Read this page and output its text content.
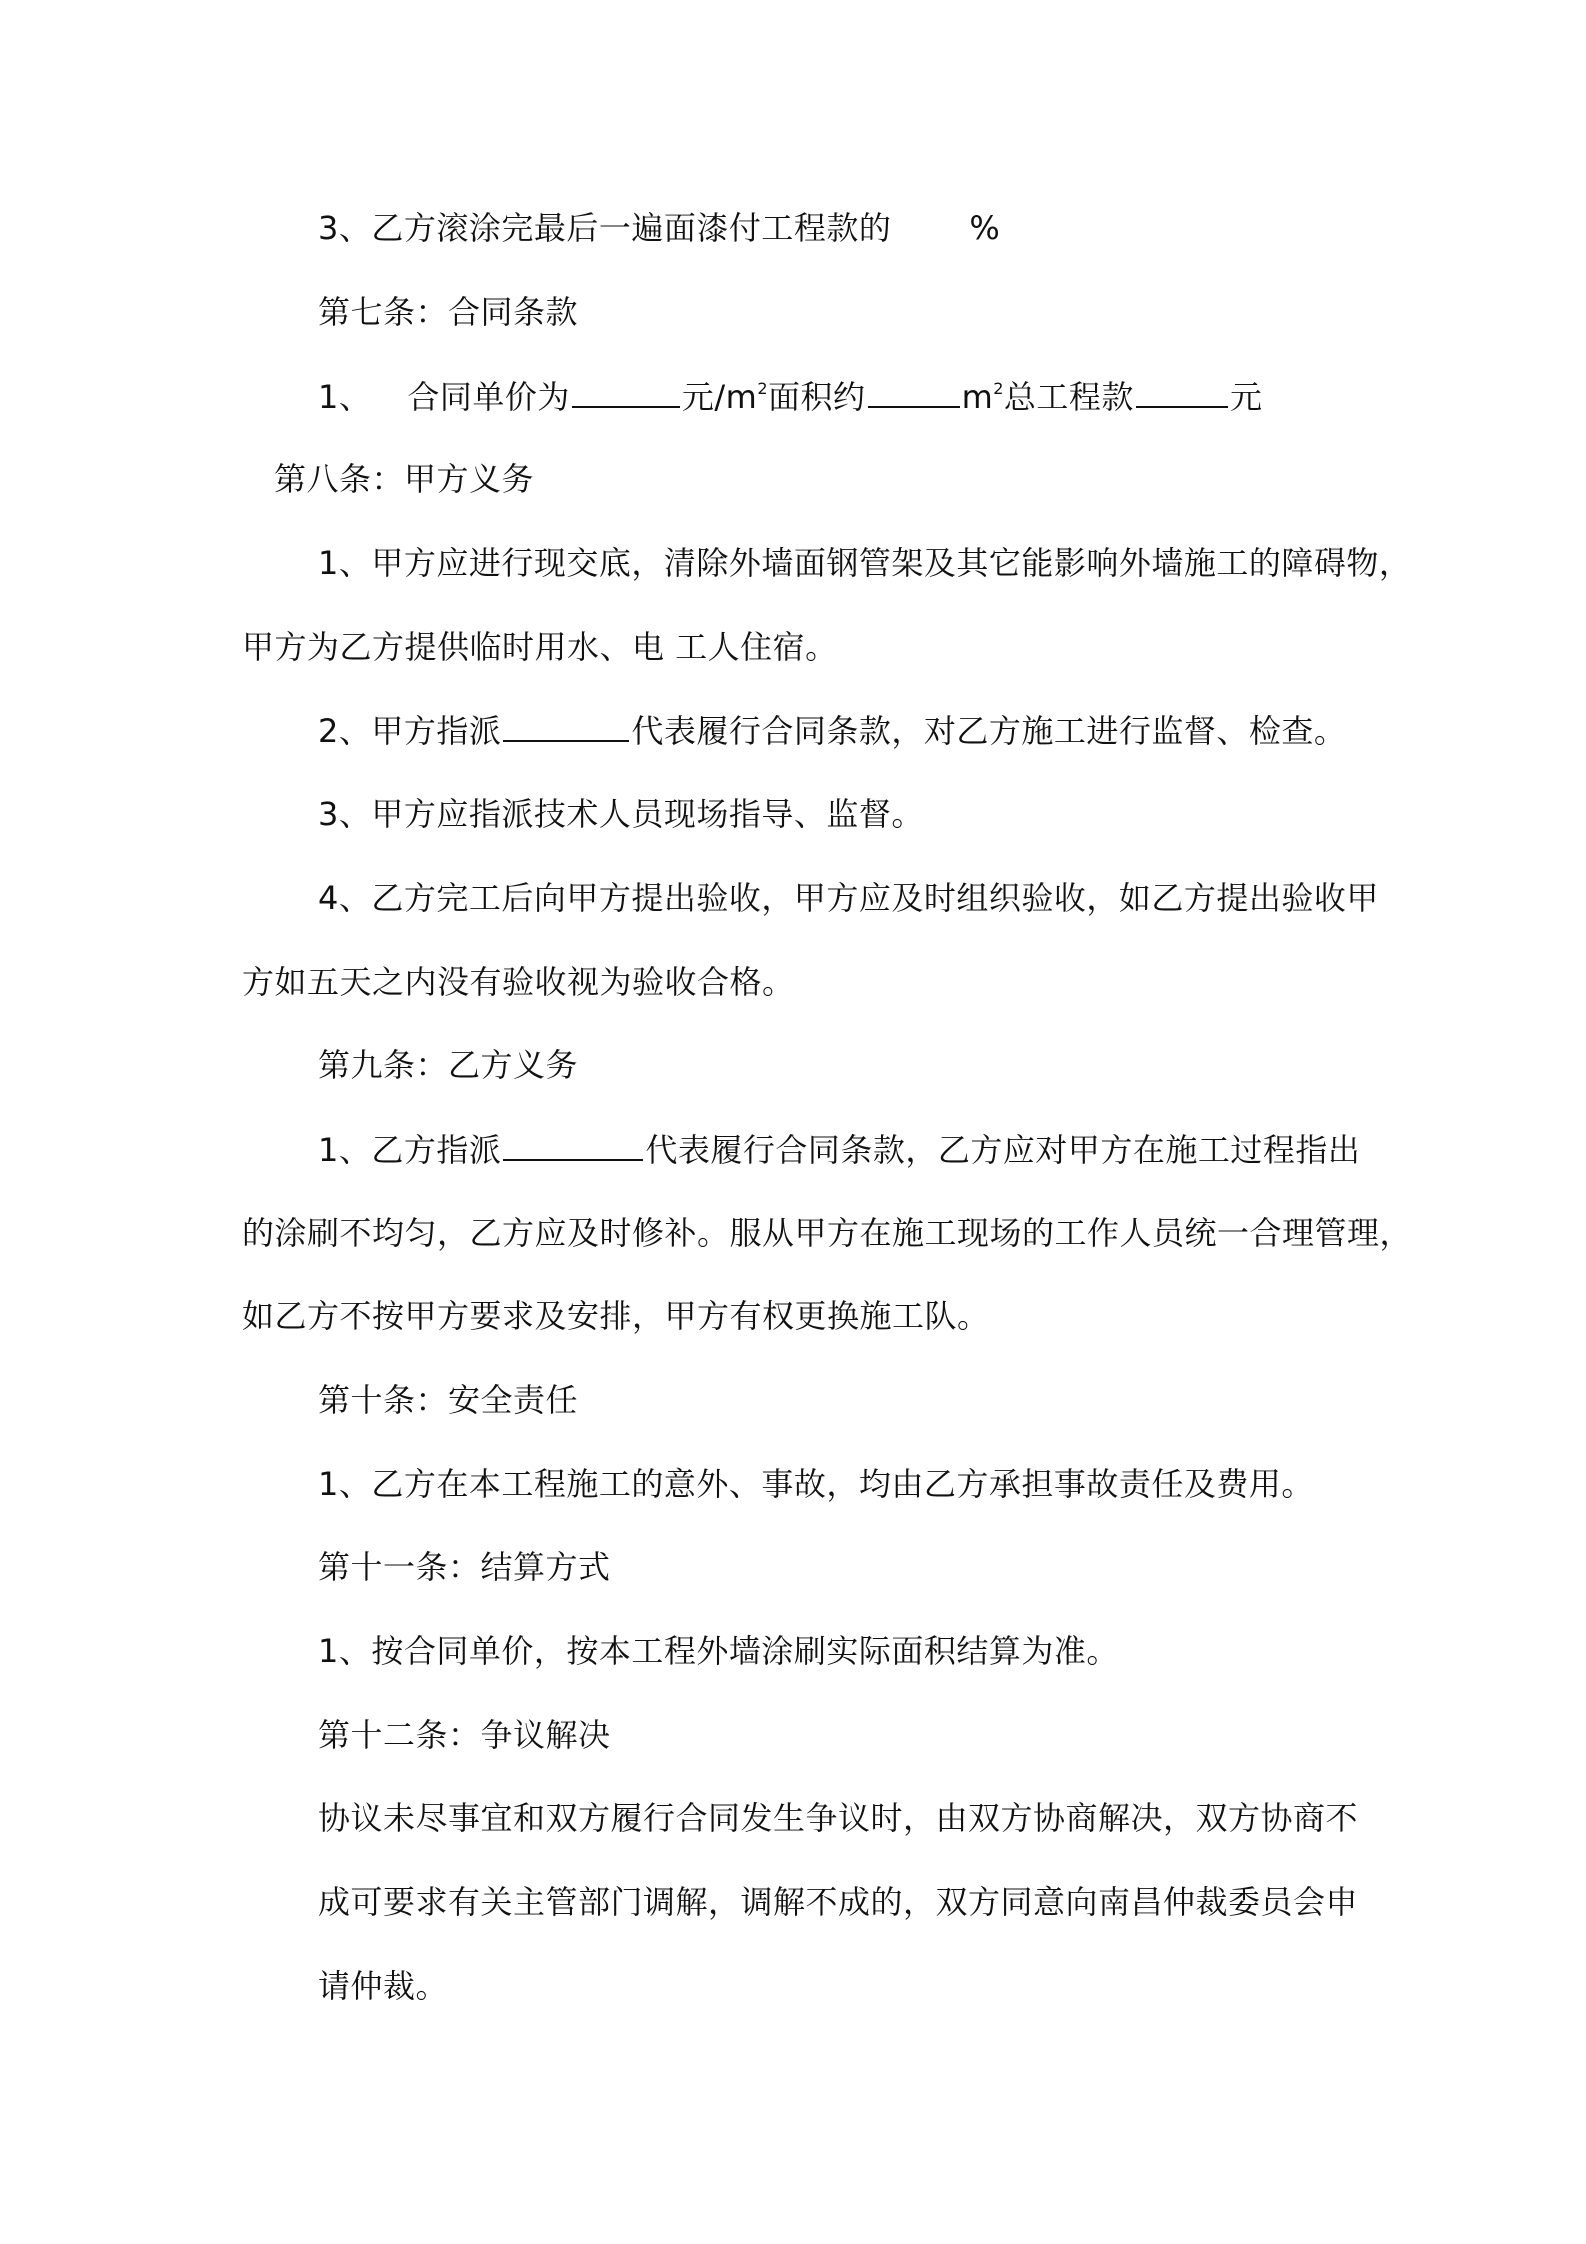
3、乙方滚涂完最后一遍面漆付工程款的 %
第七条：合同条款
1、 合同单价为	元$/m^2$面积约	$m^2$总工程款	元
第八条：甲方义务
1、甲方应进行现交底，清除外墙面钢管架及其它能影响外墙施工的障碍物，
甲方为乙方提供临时用水、电 工人住宿。
2、甲方指派	代表履行合同条款，对乙方施工进行监督、检查。
3、甲方应指派技术人员现场指导、监督。
4、乙方完工后向甲方提出验收，甲方应及时组织验收，如乙方提出验收甲
方如五天之内没有验收视为验收合格。
第九条：乙方义务
1、乙方指派	代表履行合同条款，乙方应对甲方在施工过程指出
的涂刷不均匀，乙方应及时修补。服从甲方在施工现场的工作人员统一合理管理，
如乙方不按甲方要求及安排，甲方有权更换施工队。
第十条：安全责任
1、乙方在本工程施工的意外、事故，均由乙方承担事故责任及费用。
第十一条：结算方式
1、按合同单价，按本工程外墙涂刷实际面积结算为准。
第十二条：争议解决
协议未尽事宜和双方履行合同发生争议时，由双方协商解决，双方协商不
成可要求有关主管部门调解，调解不成的，双方同意向南昌仲裁委员会申
请仲裁。
